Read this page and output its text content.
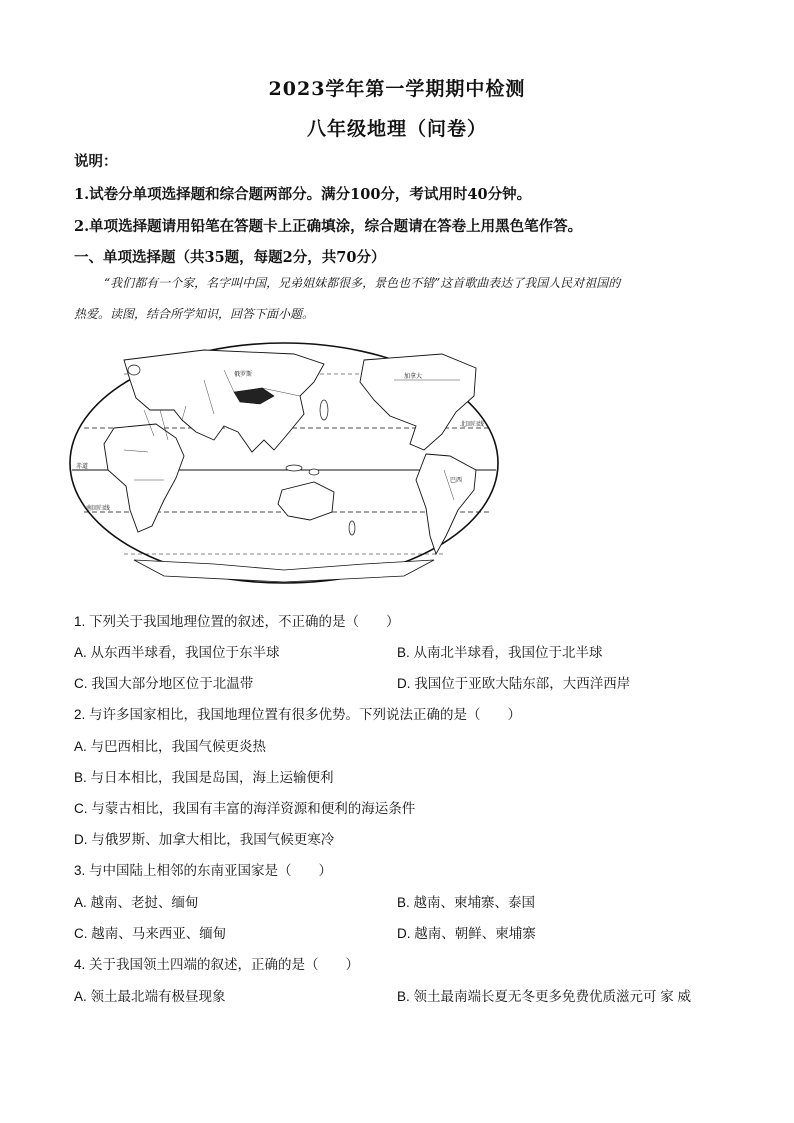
2023学年第一学期期中检测
八年级地理（问卷）
说明：
1.试卷分单项选择题和综合题两部分。满分100分，考试用时40分钟。
2.单项选择题请用铅笔在答题卡上正确填涂，综合题请在答卷上用黑色笔作答。
一、单项选择题（共35题，每题2分，共70分）
“我们都有一个家，名字叫中国，兄弟姐妹都很多，景色也不错”这首歌曲表达了我国人民对祖国的
热爱。读图，结合所学知识，回答下面小题。
赤道
南回归线
北回归线
加拿大
俄罗斯
巴西
1. 下列关于我国地理位置的叙述，不正确的是（　　）
A. 从东西半球看，我国位于东半球	B. 从南北半球看，我国位于北半球
C. 我国大部分地区位于北温带	D. 我国位于亚欧大陆东部，大西洋西岸
2. 与许多国家相比，我国地理位置有很多优势。下列说法正确的是（　　）
A. 与巴西相比，我国气候更炎热
B. 与日本相比，我国是岛国，海上运输便利
C. 与蒙古相比，我国有丰富的海洋资源和便利的海运条件
D. 与俄罗斯、加拿大相比，我国气候更寒冷
3. 与中国陆上相邻的东南亚国家是（　　）
A. 越南、老挝、缅甸	B. 越南、柬埔寨、泰国
C. 越南、马来西亚、缅甸	D. 越南、朝鲜、柬埔寨
4. 关于我国领土四端的叙述，正确的是（　　）
A. 领土最北端有极昼现象	B. 领土最南端长夏无冬更多免费优质滋元可 家 威
